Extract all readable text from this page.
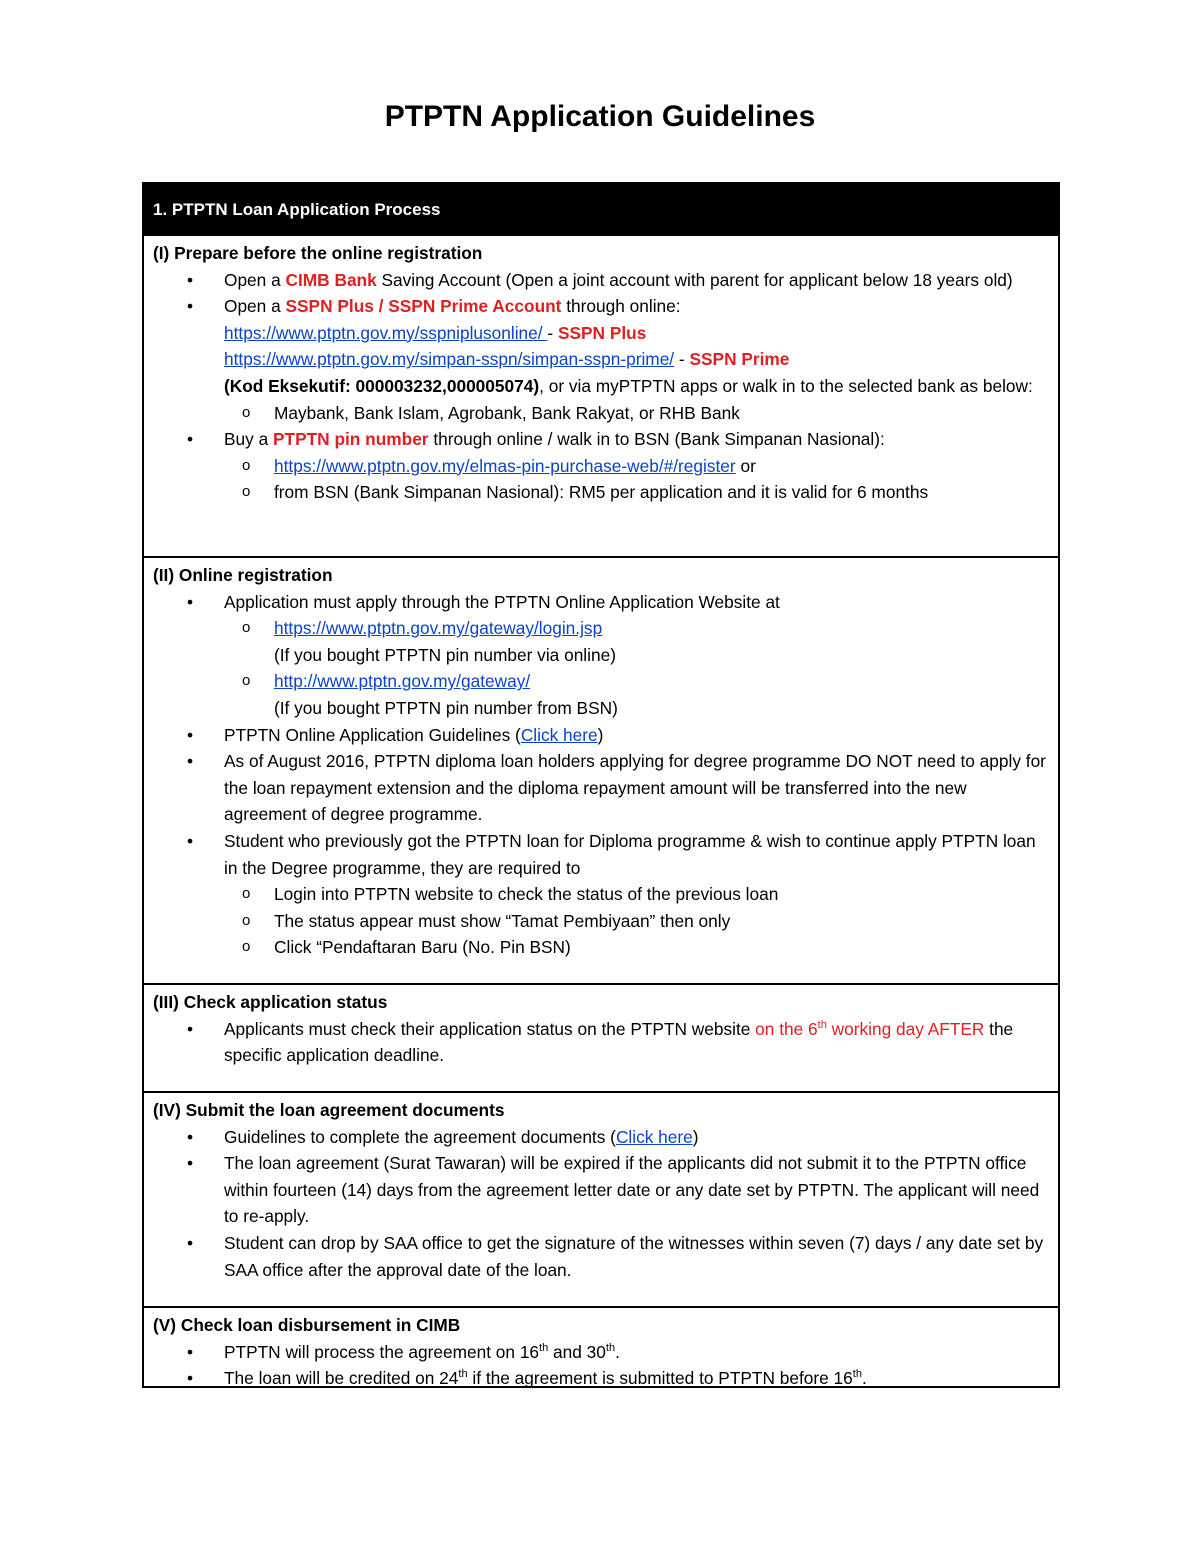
PTPTN Application Guidelines
1. PTPTN Loan Application Process
(I) Prepare before the online registration
• Open a CIMB Bank Saving Account (Open a joint account with parent for applicant below 18 years old)
• Open a SSPN Plus / SSPN Prime Account through online:
https://www.ptptn.gov.my/sspniplusonline/ - SSPN Plus
https://www.ptptn.gov.my/simpan-sspn/simpan-sspn-prime/ - SSPN Prime
(Kod Eksekutif: 000003232,000005074), or via myPTPTN apps or walk in to the selected bank as below:
o Maybank, Bank Islam, Agrobank, Bank Rakyat, or RHB Bank
• Buy a PTPTN pin number through online / walk in to BSN (Bank Simpanan Nasional):
o https://www.ptptn.gov.my/elmas-pin-purchase-web/#/register or
o from BSN (Bank Simpanan Nasional): RM5 per application and it is valid for 6 months
(II) Online registration
• Application must apply through the PTPTN Online Application Website at
o https://www.ptptn.gov.my/gateway/login.jsp
(If you bought PTPTN pin number via online)
o http://www.ptptn.gov.my/gateway/
(If you bought PTPTN pin number from BSN)
• PTPTN Online Application Guidelines (Click here)
• As of August 2016, PTPTN diploma loan holders applying for degree programme DO NOT need to apply for the loan repayment extension and the diploma repayment amount will be transferred into the new agreement of degree programme.
• Student who previously got the PTPTN loan for Diploma programme & wish to continue apply PTPTN loan in the Degree programme, they are required to
o Login into PTPTN website to check the status of the previous loan
o The status appear must show “Tamat Pembiyaan” then only
o Click “Pendaftaran Baru (No. Pin BSN)
(III) Check application status
• Applicants must check their application status on the PTPTN website on the 6th working day AFTER the specific application deadline.
(IV) Submit the loan agreement documents
• Guidelines to complete the agreement documents (Click here)
• The loan agreement (Surat Tawaran) will be expired if the applicants did not submit it to the PTPTN office within fourteen (14) days from the agreement letter date or any date set by PTPTN. The applicant will need to re-apply.
• Student can drop by SAA office to get the signature of the witnesses within seven (7) days / any date set by SAA office after the approval date of the loan.
(V) Check loan disbursement in CIMB
• PTPTN will process the agreement on 16th and 30th.
• The loan will be credited on 24th if the agreement is submitted to PTPTN before 16th.
